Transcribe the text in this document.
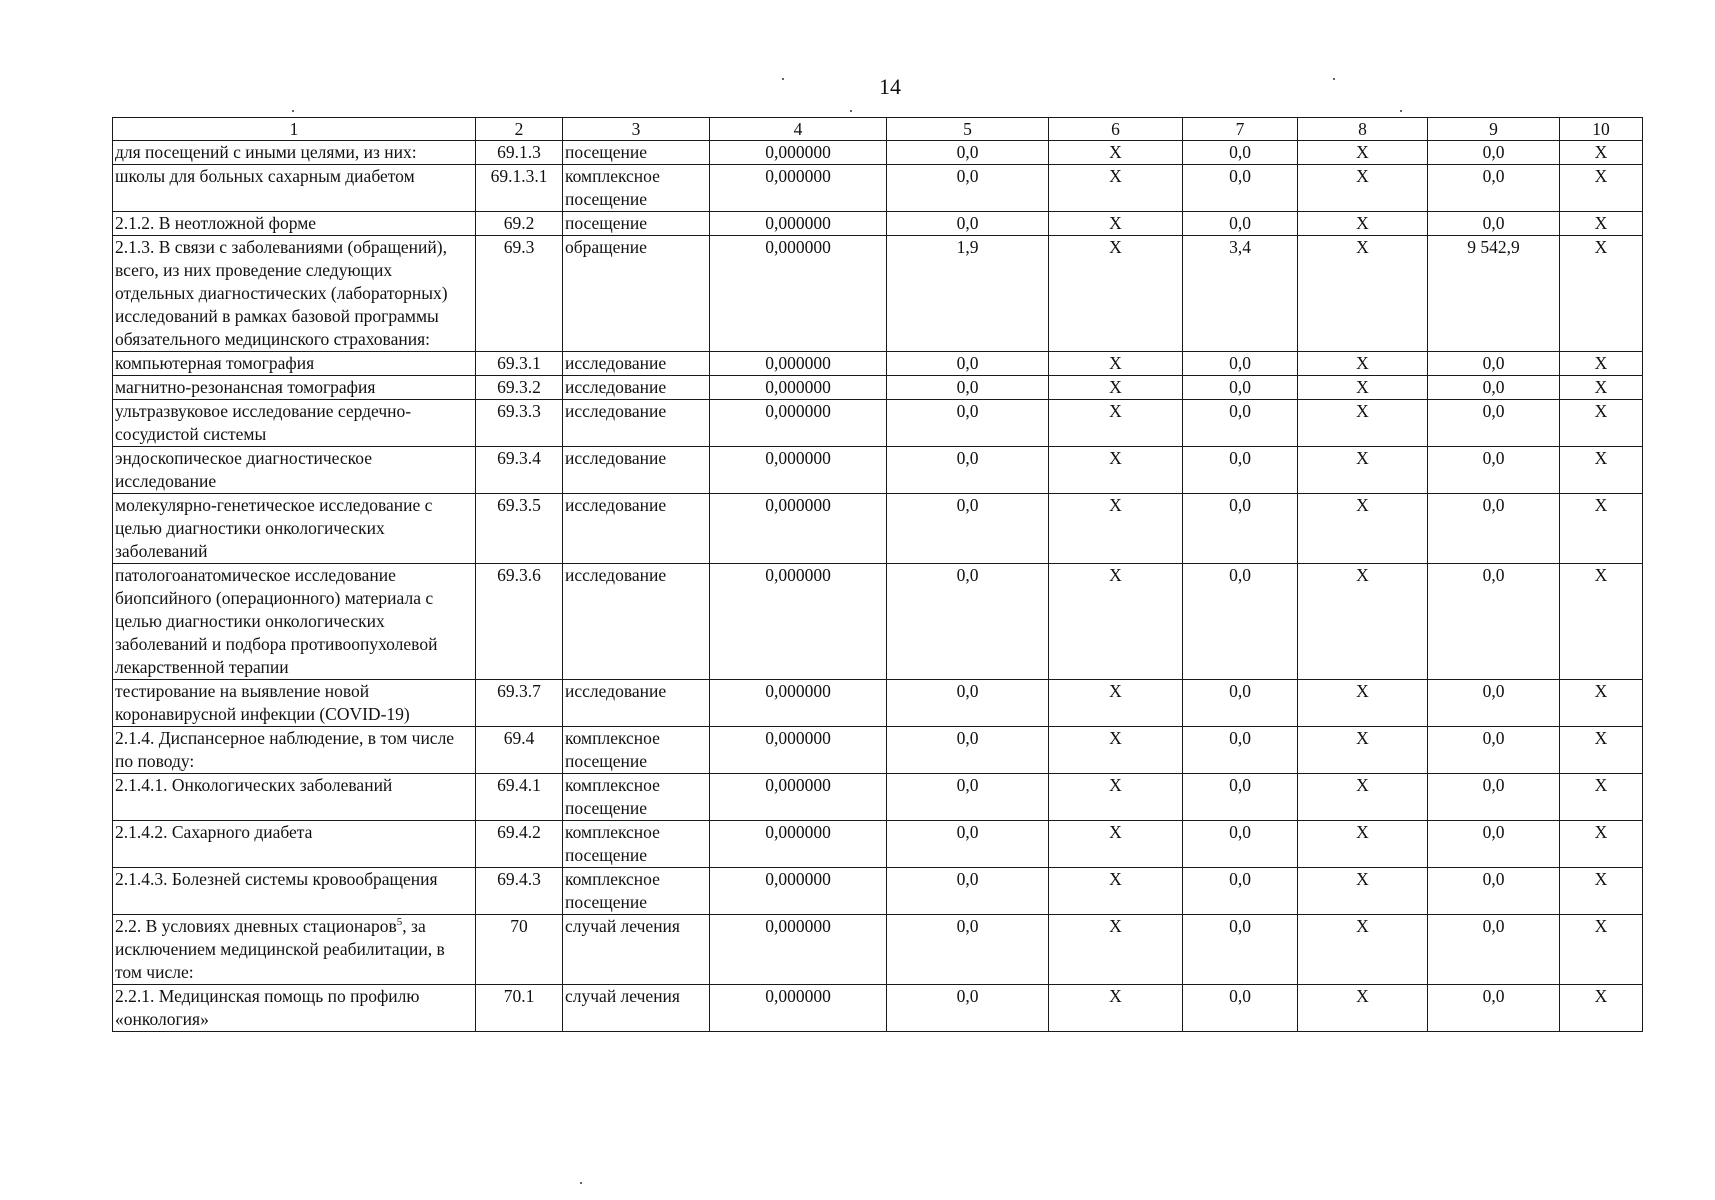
14
1	2	3	4	5	6	7	8	9	10
для посещений с иными целями, из них:	69.1.3	посещение	0,000000	0,0	Х	0,0	Х	0,0	Х
школы для больных сахарным диабетом	69.1.3.1	комплексное посещение	0,000000	0,0	Х	0,0	Х	0,0	Х
2.1.2. В неотложной форме	69.2	посещение	0,000000	0,0	Х	0,0	Х	0,0	Х
2.1.3. В связи с заболеваниями (обращений), всего, из них проведение следующих отдельных диагностических (лабораторных) исследований в рамках базовой программы обязательного медицинского страхования:	69.3	обращение	0,000000	1,9	Х	3,4	Х	9 542,9	Х
компьютерная томография	69.3.1	исследование	0,000000	0,0	Х	0,0	Х	0,0	Х
магнитно-резонансная томография	69.3.2	исследование	0,000000	0,0	Х	0,0	Х	0,0	Х
ультразвуковое исследование сердечно-сосудистой системы	69.3.3	исследование	0,000000	0,0	Х	0,0	Х	0,0	Х
эндоскопическое диагностическое исследование	69.3.4	исследование	0,000000	0,0	Х	0,0	Х	0,0	Х
молекулярно-генетическое исследование с целью диагностики онкологических заболеваний	69.3.5	исследование	0,000000	0,0	Х	0,0	Х	0,0	Х
патологоанатомическое исследование биопсийного (операционного) материала с целью диагностики онкологических заболеваний и подбора противоопухолевой лекарственной терапии	69.3.6	исследование	0,000000	0,0	Х	0,0	Х	0,0	Х
тестирование на выявление новой коронавирусной инфекции (COVID-19)	69.3.7	исследование	0,000000	0,0	Х	0,0	Х	0,0	Х
2.1.4. Диспансерное наблюдение, в том числе по поводу:	69.4	комплексное посещение	0,000000	0,0	Х	0,0	Х	0,0	Х
2.1.4.1. Онкологических заболеваний	69.4.1	комплексное посещение	0,000000	0,0	Х	0,0	Х	0,0	Х
2.1.4.2. Сахарного диабета	69.4.2	комплексное посещение	0,000000	0,0	Х	0,0	Х	0,0	Х
2.1.4.3. Болезней системы кровообращения	69.4.3	комплексное посещение	0,000000	0,0	Х	0,0	Х	0,0	Х
2.2. В условиях дневных стационаров$^5$, за исключением медицинской реабилитации, в том числе:	70	случай лечения	0,000000	0,0	Х	0,0	Х	0,0	Х
2.2.1. Медицинская помощь по профилю «онкология»	70.1	случай лечения	0,000000	0,0	Х	0,0	Х	0,0	Х
